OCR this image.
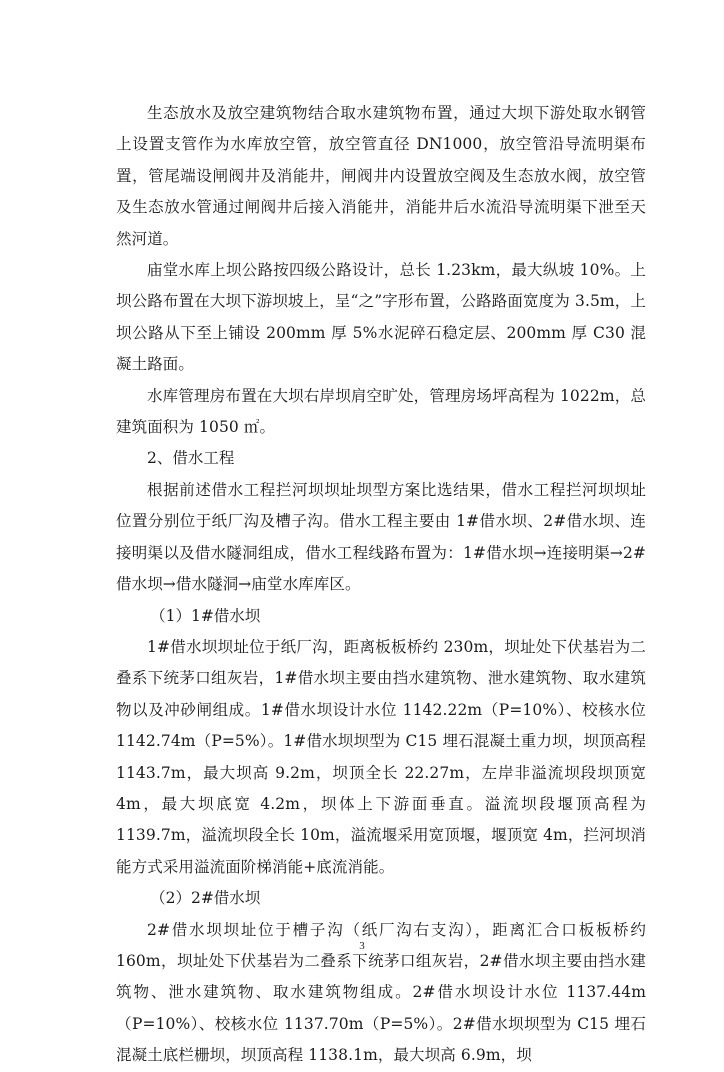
生态放水及放空建筑物结合取水建筑物布置，通过大坝下游处取水钢管上设置支管作为水库放空管，放空管直径 DN1000，放空管沿导流明渠布置，管尾端设闸阀井及消能井，闸阀井内设置放空阀及生态放水阀，放空管及生态放水管通过闸阀井后接入消能井，消能井后水流沿导流明渠下泄至天然河道。

庙堂水库上坝公路按四级公路设计，总长 1.23km，最大纵坡 10%。上坝公路布置在大坝下游坝坡上，呈“之”字形布置，公路路面宽度为 3.5m，上坝公路从下至上铺设 200mm 厚 5%水泥碎石稳定层、200mm 厚 C30 混凝土路面。

水库管理房布置在大坝右岸坝肩空旷处，管理房场坪高程为 1022m，总建筑面积为 1050 ㎡。

2、借水工程

根据前述借水工程拦河坝坝址坝型方案比选结果，借水工程拦河坝坝址位置分别位于纸厂沟及槽子沟。借水工程主要由 1#借水坝、2#借水坝、连接明渠以及借水隧洞组成，借水工程线路布置为：1#借水坝→连接明渠→2#借水坝→借水隧洞→庙堂水库库区。

（1）1#借水坝

1#借水坝坝址位于纸厂沟，距离板板桥约 230m，坝址处下伏基岩为二叠系下统茅口组灰岩，1#借水坝主要由挡水建筑物、泄水建筑物、取水建筑物以及冲砂闸组成。1#借水坝设计水位 1142.22m（P=10%）、校核水位 1142.74m（P=5%）。1#借水坝坝型为 C15 埋石混凝土重力坝，坝顶高程 1143.7m，最大坝高 9.2m，坝顶全长 22.27m，左岸非溢流坝段坝顶宽 4m，最大坝底宽 4.2m，坝体上下游面垂直。溢流坝段堰顶高程为 1139.7m，溢流坝段全长 10m，溢流堰采用宽顶堰，堰顶宽 4m，拦河坝消能方式采用溢流面阶梯消能+底流消能。

（2）2#借水坝

2#借水坝坝址位于槽子沟（纸厂沟右支沟），距离汇合口板板桥约 160m，坝址处下伏基岩为二叠系下统茅口组灰岩，2#借水坝主要由挡水建筑物、泄水建筑物、取水建筑物组成。2#借水坝设计水位 1137.44m（P=10%）、校核水位 1137.70m（P=5%）。2#借水坝坝型为 C15 埋石混凝土底栏栅坝，坝顶高程 1138.1m，最大坝高 6.9m，坝

3
